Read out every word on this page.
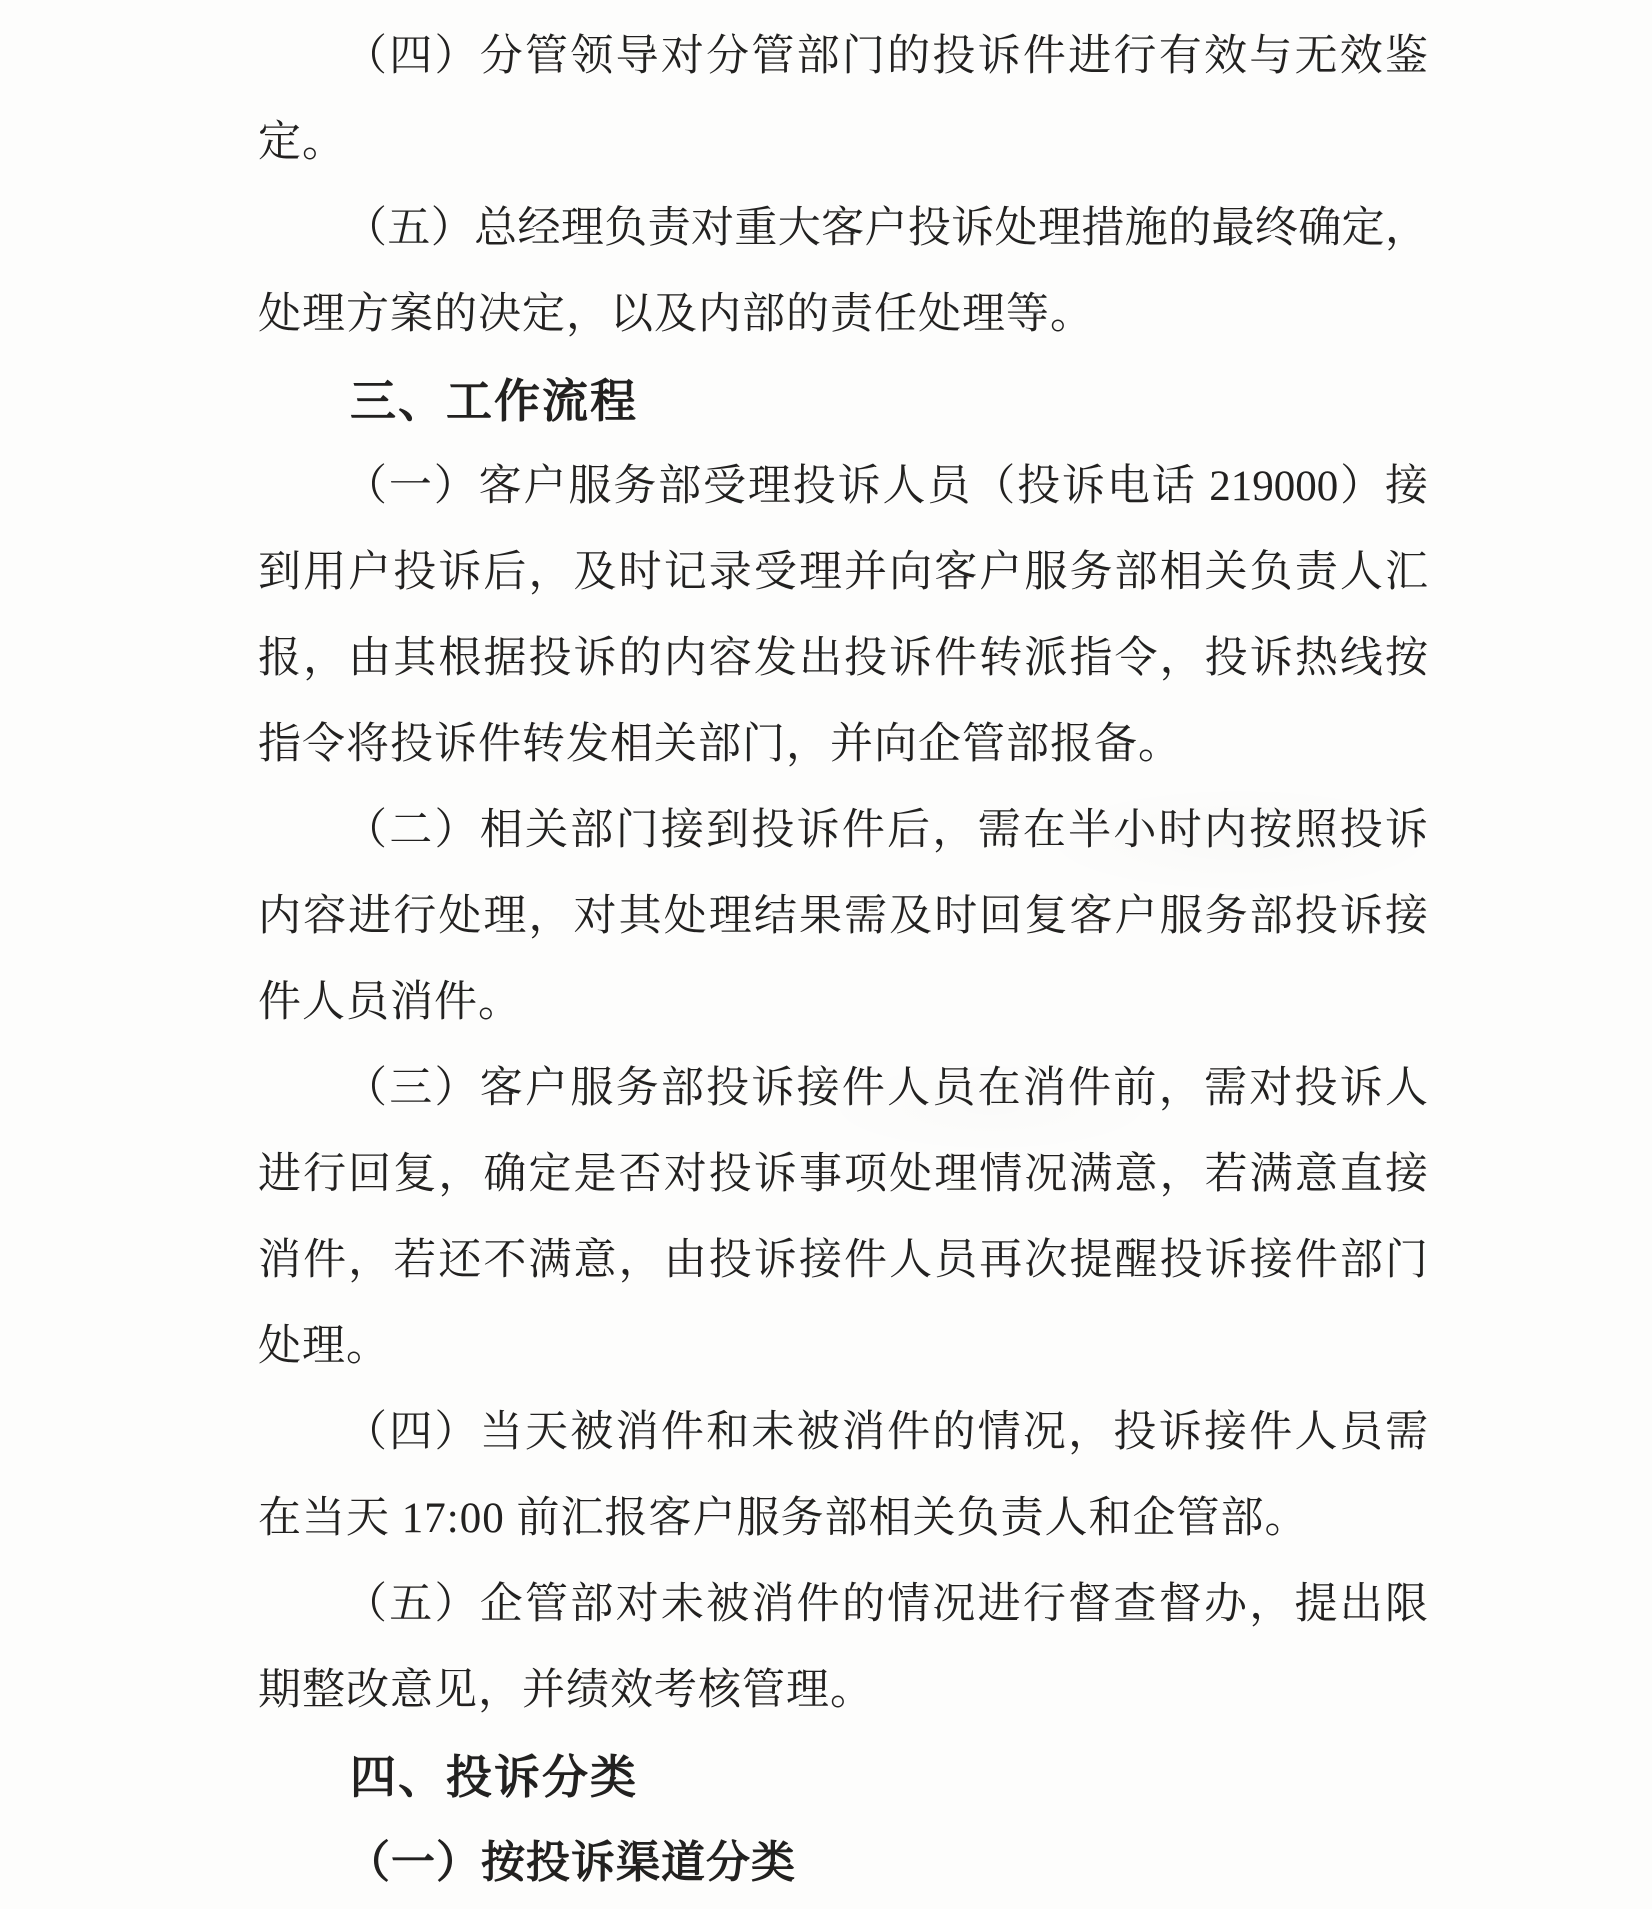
（四）分管领导对分管部门的投诉件进行有效与无效鉴
定。
（五）总经理负责对重大客户投诉处理措施的最终确定，
处理方案的决定，以及内部的责任处理等。
三、工作流程
（一）客户服务部受理投诉人员（投诉电话 219000）接
到用户投诉后，及时记录受理并向客户服务部相关负责人汇
报，由其根据投诉的内容发出投诉件转派指令，投诉热线按
指令将投诉件转发相关部门，并向企管部报备。
（二）相关部门接到投诉件后，需在半小时内按照投诉
内容进行处理，对其处理结果需及时回复客户服务部投诉接
件人员消件。
（三）客户服务部投诉接件人员在消件前，需对投诉人
进行回复，确定是否对投诉事项处理情况满意，若满意直接
消件，若还不满意，由投诉接件人员再次提醒投诉接件部门
处理。
（四）当天被消件和未被消件的情况，投诉接件人员需
在当天 17:00 前汇报客户服务部相关负责人和企管部。
（五）企管部对未被消件的情况进行督查督办，提出限
期整改意见，并绩效考核管理。
四、投诉分类
（一）按投诉渠道分类
